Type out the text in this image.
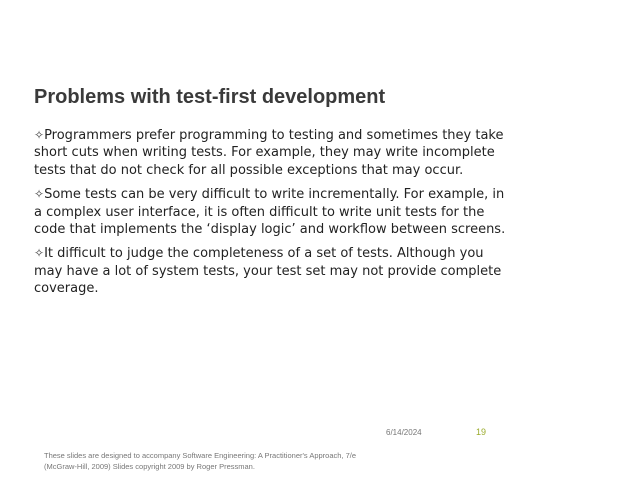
Problems with test-first development
✧Programmers prefer programming to testing and sometimes they take short cuts when writing tests. For example, they may write incomplete tests that do not check for all possible exceptions that may occur.
✧Some tests can be very difficult to write incrementally. For example, in a complex user interface, it is often difficult to write unit tests for the code that implements the ‘display logic’ and workflow between screens.
✧It difficult to judge the completeness of a set of tests. Although you may have a lot of system tests, your test set may not provide complete coverage.
6/14/2024	19
These slides are designed to accompany Software Engineering: A Practitioner's Approach, 7/e (McGraw-Hill, 2009) Slides copyright 2009 by Roger Pressman.
